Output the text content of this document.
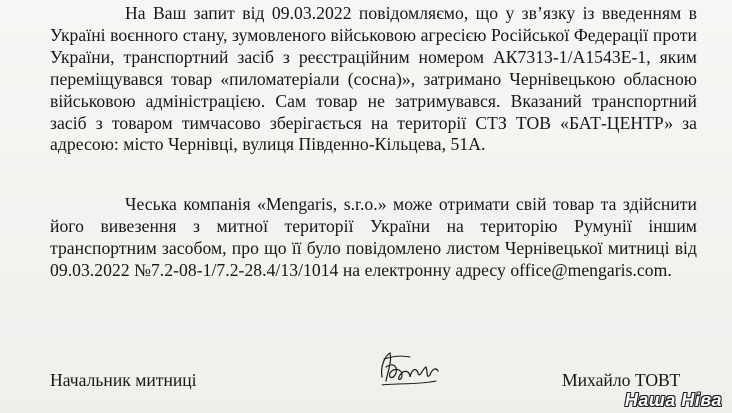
На Ваш запит від 09.03.2022 повідомляємо, що у зв’язку із введенням в Україні воєнного стану, зумовленого військовою агресією Російської Федерації проти України, транспортний засіб з реєстраційним номером АК7313-1/А1543Е-1, яким переміщувався товар «пиломатеріали (сосна)», затримано Чернівецькою обласною військовою адміністрацією. Сам товар не затримувався. Вказаний транспортний засіб з товаром тимчасово зберігається на території СТЗ ТОВ «БАТ-ЦЕНТР» за адресою: місто Чернівці, вулиця Південно-Кільцева, 51А.

Чеська компанія «Mengaris, s.r.o.» може отримати свій товар та здійснити його вивезення з митної території України на територію Румунії іншим транспортним засобом, про що її було повідомлено листом Чернівецької митниці від 09.03.2022 №7.2-08-1/7.2-28.4/13/1014 на електронну адресу office@mengaris.com.

Начальник митниці	Михайло ТОВТ
Наша Ніва
